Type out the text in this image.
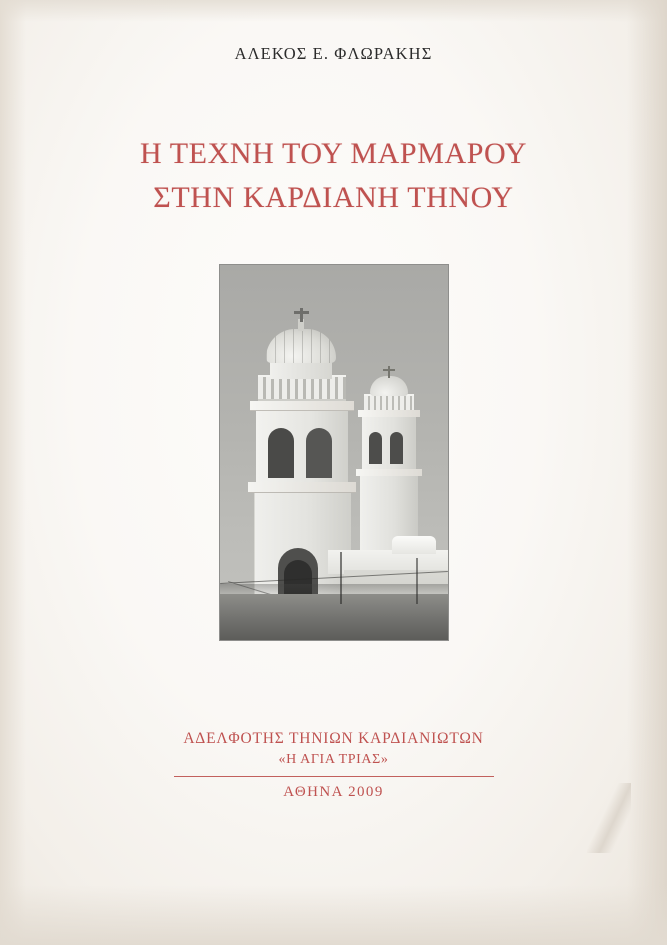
ΑΛΕΚΟΣ Ε. ΦΛΩΡΑΚΗΣ
Η ΤΕΧΝΗ ΤΟΥ ΜΑΡΜΑΡΟΥ
ΣΤΗΝ ΚΑΡΔΙΑΝΗ ΤΗΝΟΥ
ΑΔΕΛΦΟΤΗΣ ΤΗΝΙΩΝ ΚΑΡΔΙΑΝΙΩΤΩΝ
«Η ΑΓΙΑ ΤΡΙΑΣ»
ΑΘΗΝΑ 2009
